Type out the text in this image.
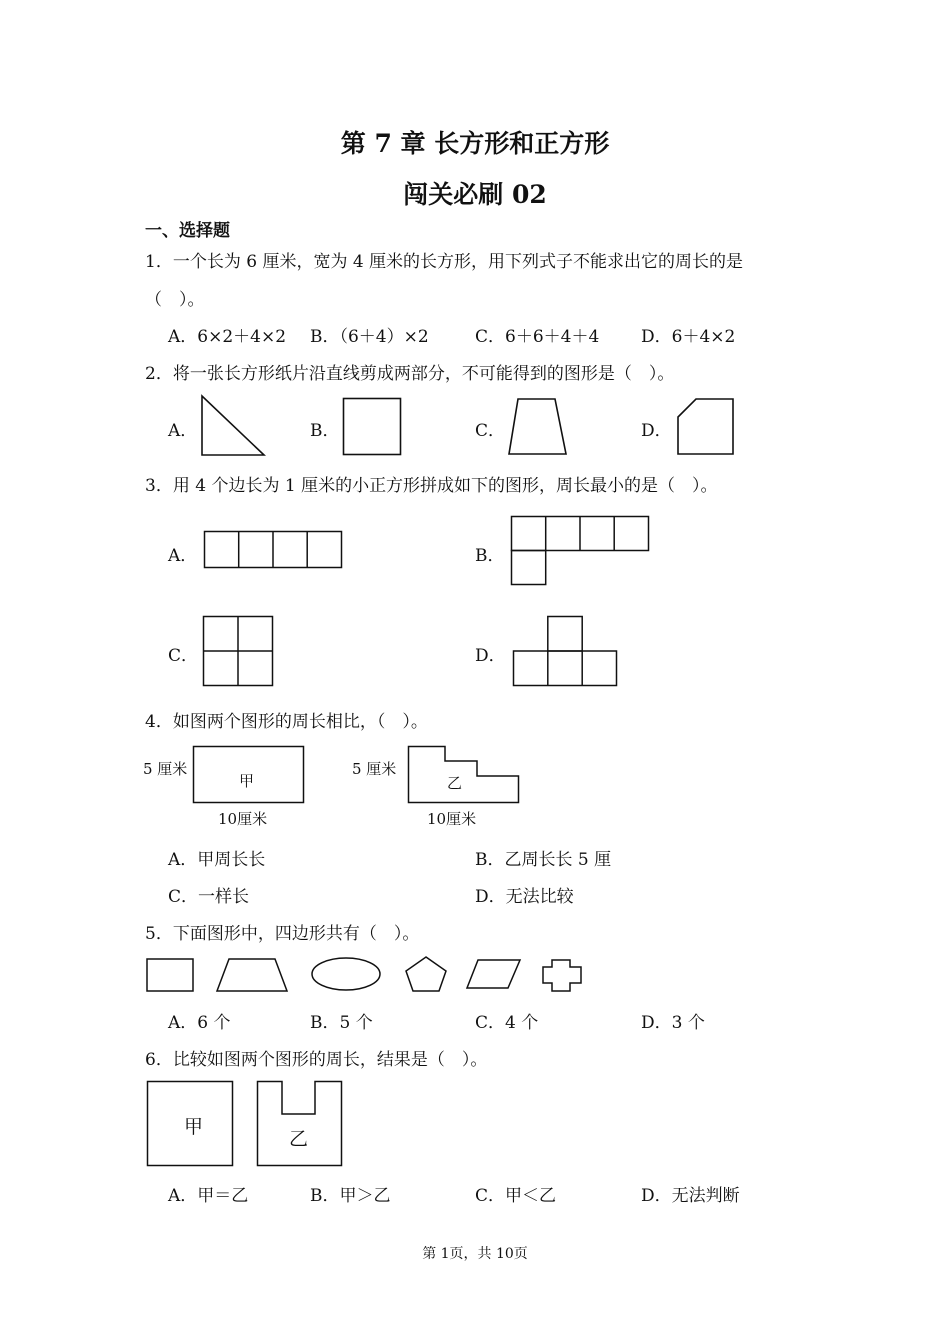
第 7 章 长方形和正方形
闯关必刷 02
一、选择题
1．一个长为 6 厘米，宽为 4 厘米的长方形，用下列式子不能求出它的周长的是
（　）。
A．6×2＋4×2 B．（6＋4）×2	C．6＋6＋4＋4 D．6＋4×2
2．将一张长方形纸片沿直线剪成两部分，不可能得到的图形是（　）。
A．	B．	C．	D．
3．用 4 个边长为 1 厘米的小正方形拼成如下的图形，周长最小的是（　）。
A．	B．
C．	D．
4．如图两个图形的周长相比，（　）。
5 厘米
甲
10厘米
5 厘米
乙
10厘米
A．甲周长长	B．乙周长长 5 厘
C．一样长	D．无法比较
5．下面图形中，四边形共有（　）。
A．6 个	B．5 个	C．4 个	D．3 个
6．比较如图两个图形的周长，结果是（　）。
甲
乙
A．甲＝乙	B．甲＞乙	C．甲＜乙	D．无法判断
第 1页，共 10页
